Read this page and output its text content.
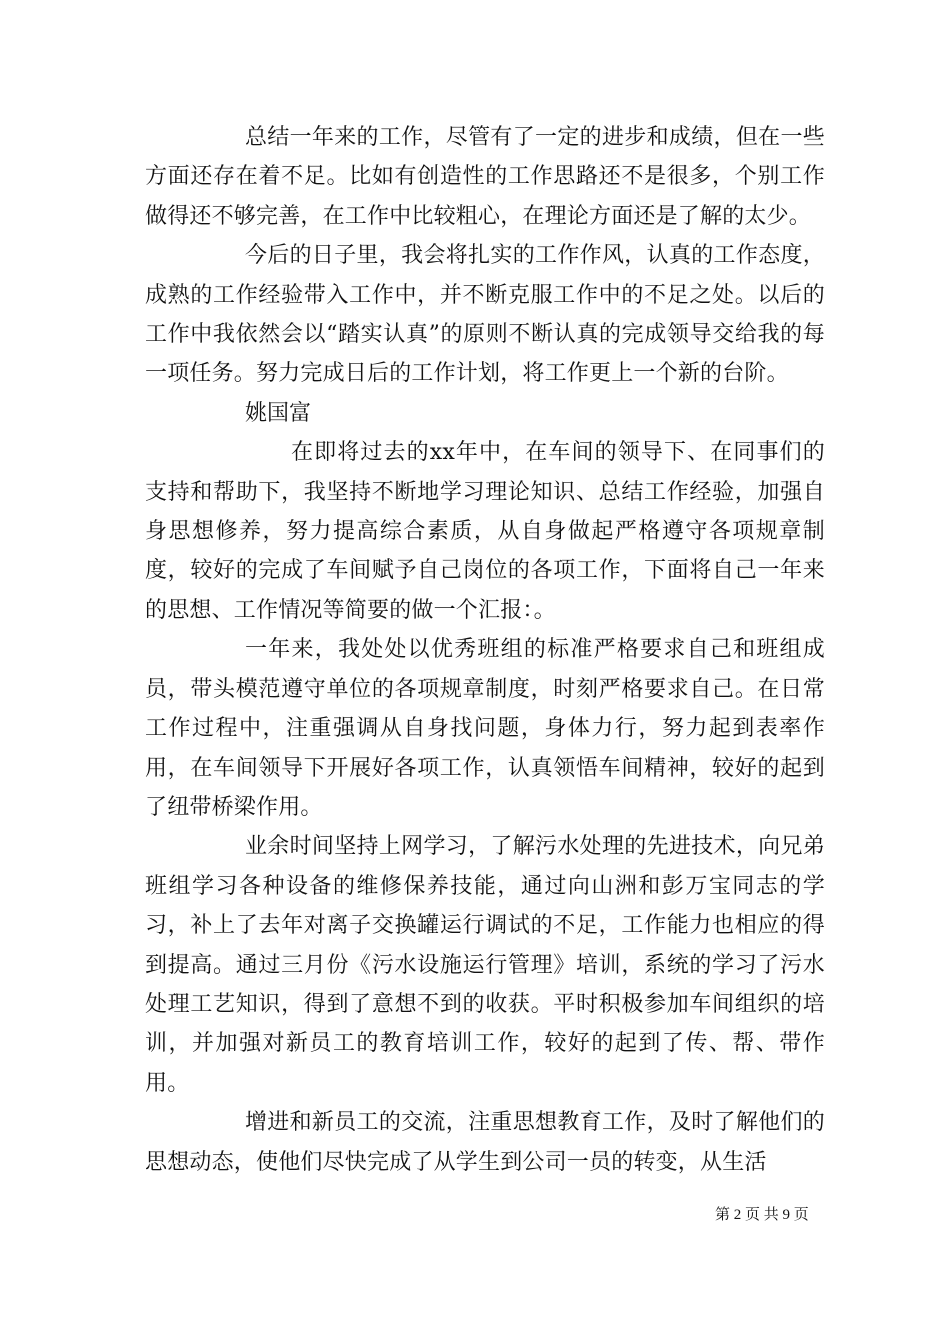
总结一年来的工作，尽管有了一定的进步和成绩，但在一些方面还存在着不足。比如有创造性的工作思路还不是很多，个别工作做得还不够完善，在工作中比较粗心，在理论方面还是了解的太少。

今后的日子里，我会将扎实的工作作风，认真的工作态度，成熟的工作经验带入工作中，并不断克服工作中的不足之处。以后的工作中我依然会以“踏实认真”的原则不断认真的完成领导交给我的每一项任务。努力完成日后的工作计划，将工作更上一个新的台阶。

姚国富

在即将过去的xx年中，在车间的领导下、在同事们的支持和帮助下，我坚持不断地学习理论知识、总结工作经验，加强自身思想修养，努力提高综合素质，从自身做起严格遵守各项规章制度，较好的完成了车间赋予自己岗位的各项工作，下面将自己一年来的思想、工作情况等简要的做一个汇报：。

一年来，我处处以优秀班组的标准严格要求自己和班组成员，带头模范遵守单位的各项规章制度，时刻严格要求自己。在日常工作过程中，注重强调从自身找问题，身体力行，努力起到表率作用，在车间领导下开展好各项工作，认真领悟车间精神，较好的起到了纽带桥梁作用。

业余时间坚持上网学习，了解污水处理的先进技术，向兄弟班组学习各种设备的维修保养技能，通过向山洲和彭万宝同志的学习，补上了去年对离子交换罐运行调试的不足，工作能力也相应的得到提高。通过三月份《污水设施运行管理》培训，系统的学习了污水处理工艺知识，得到了意想不到的收获。平时积极参加车间组织的培训，并加强对新员工的教育培训工作，较好的起到了传、帮、带作用。

增进和新员工的交流，注重思想教育工作，及时了解他们的思想动态，使他们尽快完成了从学生到公司一员的转变，从生活

第 2 页 共 9 页
